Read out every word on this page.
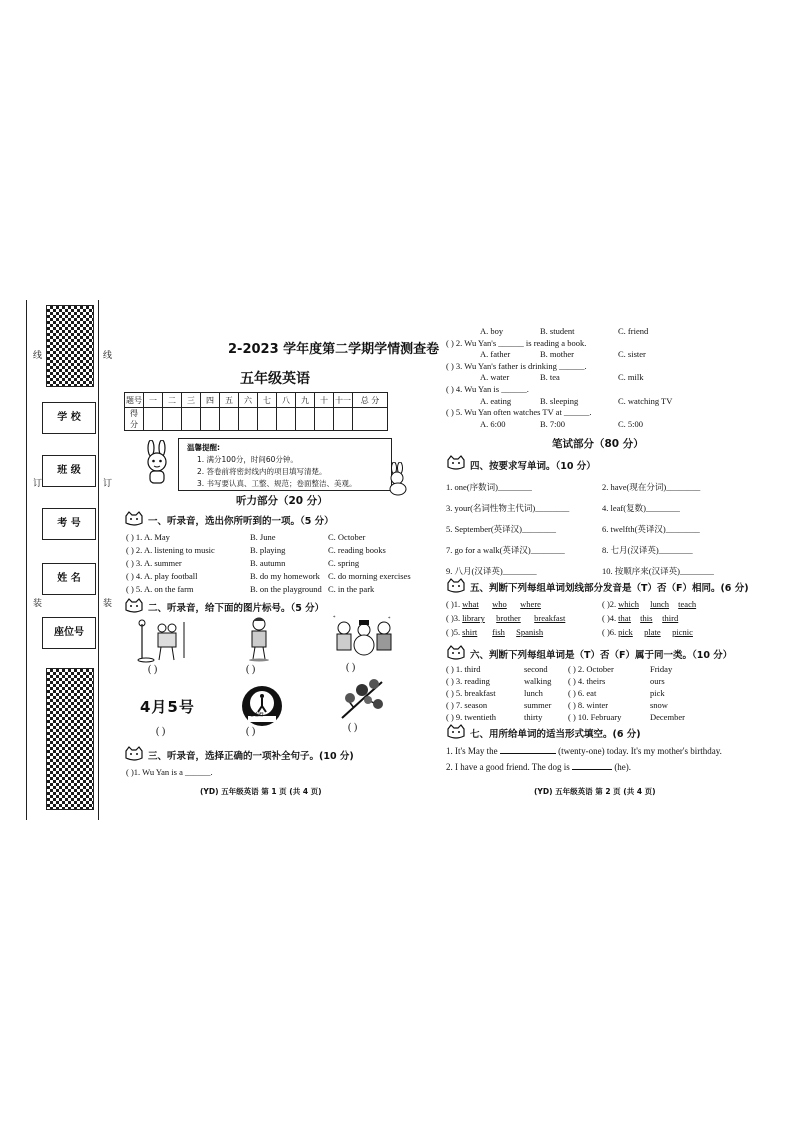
学 校
班 级
考 号
姓 名
座位号
线
订
装
线
订
装
2-2023 学年度第二学期学情测查卷
五年级英语
题号	一	二	三	四	五	六	七	八	九	十	十一	总 分
得 分												
温馨提醒:
1. 满分100分，时间60分钟。
2. 答卷前将密封线内的项目填写清楚。
3. 书写要认真、工整、规范；卷面整洁、美观。
听力部分（20 分）
一、听录音，选出你所听到的一项。（5 分）
( ) 1. A. May	B. June	C. October
( ) 2. A. listening to music	B. playing	C. reading books
( ) 3. A. summer	B. autumn	C. spring
( ) 4. A. play football	B. do my homework C. do morning exercises
( ) 5. A. on the farm	B. on the playground C. in the park
二、听录音，给下面的图片标号。（5 分）
( )	( )
*	*
( )
4月5号
( )
靠右行
( )	( )
三、听录音，选择正确的一项补全句子。(10 分)
( )1. Wu Yan is a ______.
(YD) 五年级英语 第 1 页 (共 4 页)
A. boy	B. student	C. friend
( ) 2. Wu Yan's ______ is reading a book.
A. father	B. mother	C. sister
( ) 3. Wu Yan's father is drinking ______.
A. water	B. tea	C. milk
( ) 4. Wu Yan is ______.
A. eating	B. sleeping	C. watching TV
( ) 5. Wu Yan often watches TV at ______.
A. 6:00	B. 7:00	C. 5:00
笔试部分（80 分）
四、按要求写单词。（10 分）
1. one(序数词)________
3. your(名词性物主代词)________
5. September(英译汉)________
7. go for a walk(英译汉)________
9. 八月(汉译英)________
2. have(现在分词)________
4. leaf(复数)________
6. twelfth(英译汉)________
8. 七月(汉译英)________
10. 按顺序来(汉译英)________
五、判断下列每组单词划线部分发音是（T）否（F）相同。(6 分)
( )1. what who where
( )3. library brother breakfast
( )5. shirt fish Spanish
( )2. which lunch teach
( )4. that this third
( )6. pick plate picnic
六、判断下列每组单词是（T）否（F）属于同一类。（10 分）
( ) 1. third	second
( ) 3. reading	walking
( ) 5. breakfast	lunch
( ) 7. season	summer
( ) 9. twentieth	thirty
( ) 2. October	Friday
( ) 4. theirs	ours
( ) 6. eat	pick
( ) 8. winter	snow
( ) 10. February	December
七、用所给单词的适当形式填空。(6 分)
1. It's May the	(twenty-one) today. It's my mother's birthday.
2. I have a good friend. The dog is	(he).
(YD) 五年级英语 第 2 页 (共 4 页)
